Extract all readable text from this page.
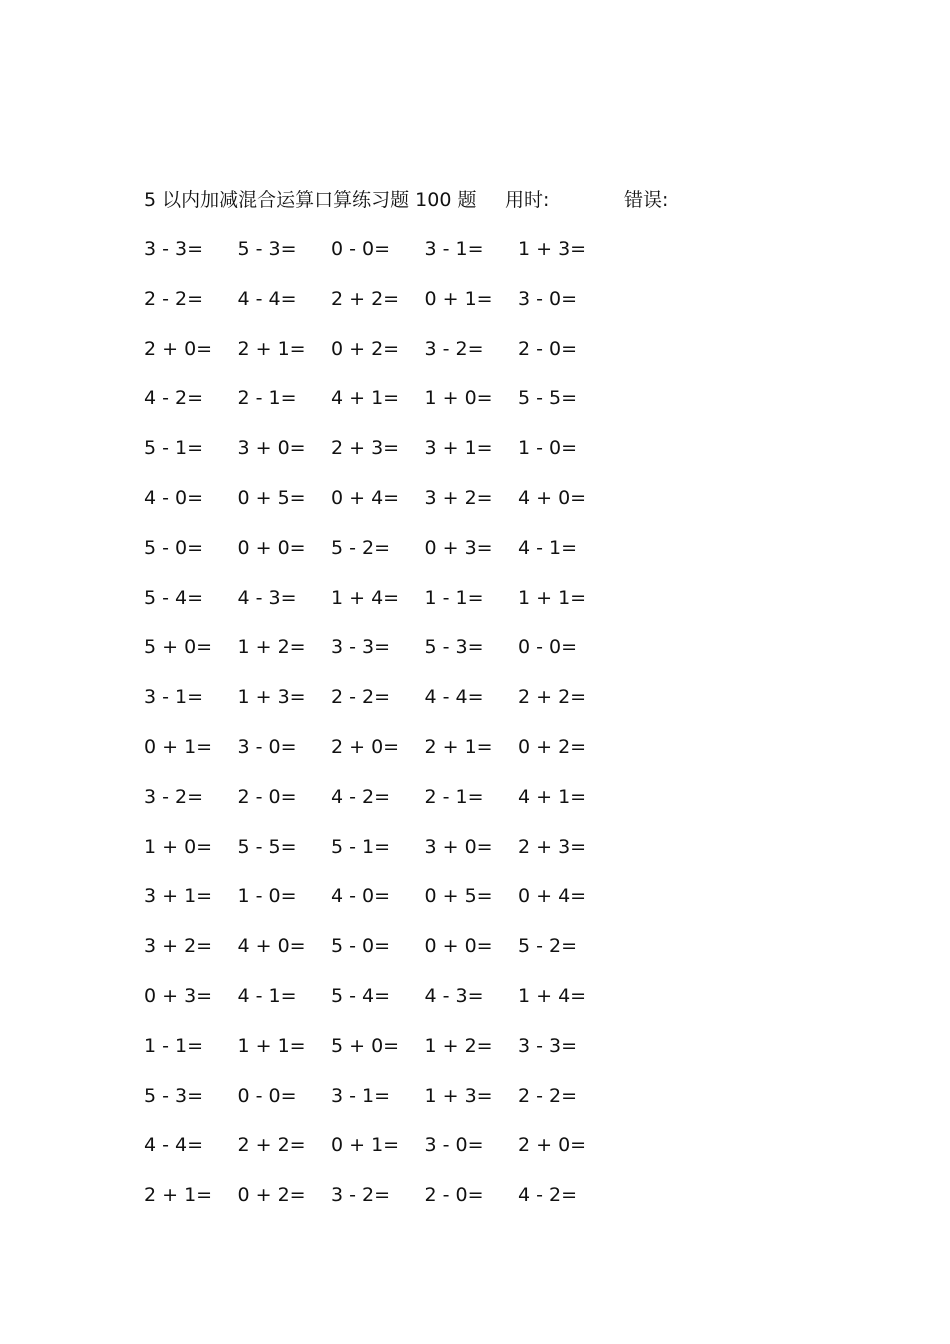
5 以内加减混合运算口算练习题 100 题 用时:	错误:
3 - 3= 5 - 3= 0 - 0= 3 - 1= 1 + 3=
2 - 2= 4 - 4= 2 + 2= 0 + 1= 3 - 0=
2 + 0= 2 + 1= 0 + 2= 3 - 2= 2 - 0=
4 - 2= 2 - 1= 4 + 1= 1 + 0= 5 - 5=
5 - 1= 3 + 0= 2 + 3= 3 + 1= 1 - 0=
4 - 0= 0 + 5= 0 + 4= 3 + 2= 4 + 0=
5 - 0= 0 + 0= 5 - 2= 0 + 3= 4 - 1=
5 - 4= 4 - 3= 1 + 4= 1 - 1= 1 + 1=
5 + 0= 1 + 2= 3 - 3= 5 - 3= 0 - 0=
3 - 1= 1 + 3= 2 - 2= 4 - 4= 2 + 2=
0 + 1= 3 - 0= 2 + 0= 2 + 1= 0 + 2=
3 - 2= 2 - 0= 4 - 2= 2 - 1= 4 + 1=
1 + 0= 5 - 5= 5 - 1= 3 + 0= 2 + 3=
3 + 1= 1 - 0= 4 - 0= 0 + 5= 0 + 4=
3 + 2= 4 + 0= 5 - 0= 0 + 0= 5 - 2=
0 + 3= 4 - 1= 5 - 4= 4 - 3= 1 + 4=
1 - 1= 1 + 1= 5 + 0= 1 + 2= 3 - 3=
5 - 3= 0 - 0= 3 - 1= 1 + 3= 2 - 2=
4 - 4= 2 + 2= 0 + 1= 3 - 0= 2 + 0=
2 + 1= 0 + 2= 3 - 2= 2 - 0= 4 - 2=
